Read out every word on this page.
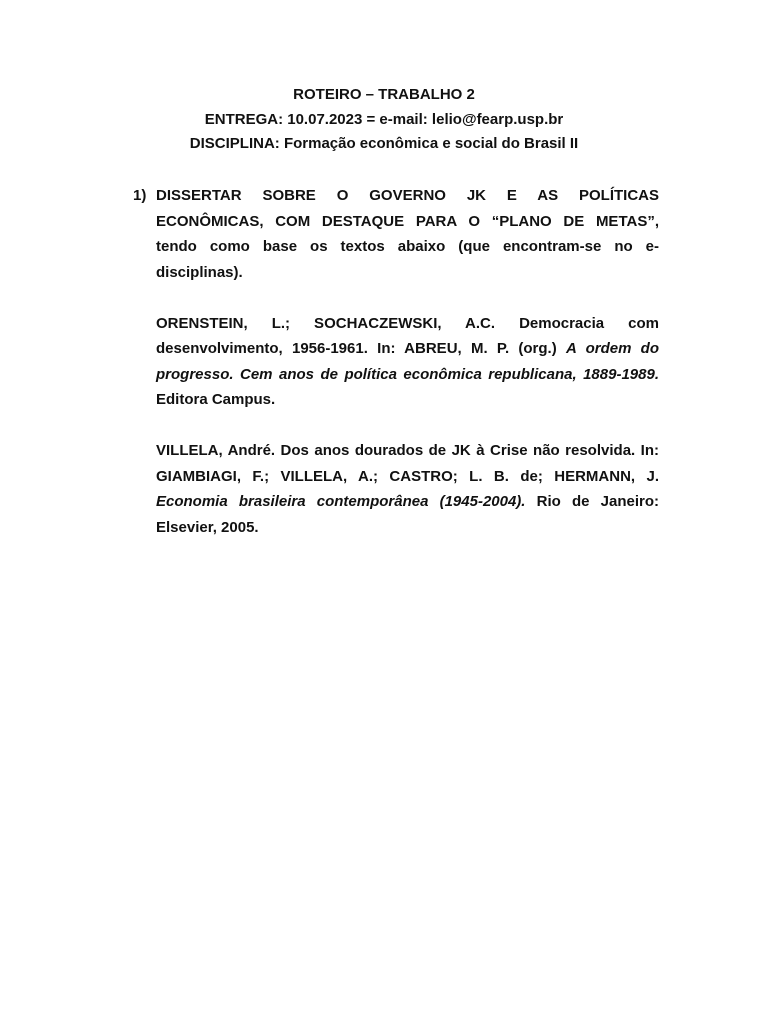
ROTEIRO – TRABALHO 2
ENTREGA: 10.07.2023 = e-mail: lelio@fearp.usp.br
DISCIPLINA: Formação econômica e social do Brasil II
1) DISSERTAR SOBRE O GOVERNO JK E AS POLÍTICAS
ECONÔMICAS, COM DESTAQUE PARA O “PLANO DE METAS”,
tendo como base os textos abaixo (que encontram-se no e-
disciplinas).
ORENSTEIN, L.; SOCHACZEWSKI, A.C. Democracia com
desenvolvimento, 1956-1961. In: ABREU, M. P. (org.) A ordem do
progresso. Cem anos de política econômica republicana, 1889-1989.
Editora Campus.
VILLELA, André. Dos anos dourados de JK à Crise não resolvida. In:
GIAMBIAGI, F.; VILLELA, A.; CASTRO; L. B. de; HERMANN, J.
Economia brasileira contemporânea (1945-2004). Rio de Janeiro:
Elsevier, 2005.
